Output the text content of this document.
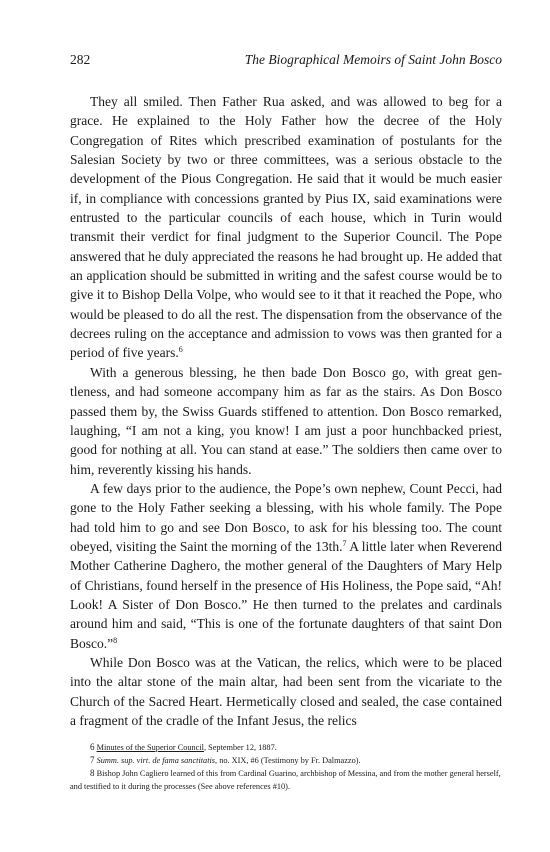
282	The Biographical Memoirs of Saint John Bosco

They all smiled. Then Father Rua asked, and was allowed to beg for a grace. He explained to the Holy Father how the decree of the Holy Congregation of Rites which prescribed examination of postulants for the Salesian Society by two or three committees, was a serious obstacle to the development of the Pious Congregation. He said that it would be much easier if, in compliance with concessions granted by Pius IX, said examinations were entrusted to the particular councils of each house, which in Turin would transmit their verdict for final judgment to the Superior Council. The Pope answered that he duly appreciated the reasons he had brought up. He added that an application should be submitted in writing and the safest course would be to give it to Bishop Della Volpe, who would see to it that it reached the Pope, who would be pleased to do all the rest. The dispensation from the observance of the decrees ruling on the acceptance and admission to vows was then granted for a period of five years.$^6$

With a generous blessing, he then bade Don Bosco go, with great gentleness, and had someone accompany him as far as the stairs. As Don Bosco passed them by, the Swiss Guards stiffened to attention. Don Bosco remarked, laughing, “I am not a king, you know! I am just a poor hunchbacked priest, good for nothing at all. You can stand at ease.” The soldiers then came over to him, reverently kissing his hands.

A few days prior to the audience, the Pope’s own nephew, Count Pecci, had gone to the Holy Father seeking a blessing, with his whole family. The Pope had told him to go and see Don Bosco, to ask for his blessing too. The count obeyed, visiting the Saint the morning of the 13th.$^7$ A little later when Reverend Mother Catherine Daghero, the mother general of the Daughters of Mary Help of Christians, found herself in the presence of His Holiness, the Pope said, “Ah! Look! A Sister of Don Bosco.” He then turned to the prelates and cardinals around him and said, “This is one of the fortunate daughters of that saint Don Bosco.”$^8$

While Don Bosco was at the Vatican, the relics, which were to be placed into the altar stone of the main altar, had been sent from the vicariate to the Church of the Sacred Heart. Hermetically closed and sealed, the case contained a fragment of the cradle of the Infant Jesus, the relics

6 Minutes of the Superior Council, September 12, 1887.

7 Summ. sup. virt. de fama sanctitatis, no. XIX, #6 (Testimony by Fr. Dalmazzo).

8 Bishop John Cagliero learned of this from Cardinal Guarino, archbishop of Messina, and from the mother general herself, and testified to it during the processes (See above references #10).
